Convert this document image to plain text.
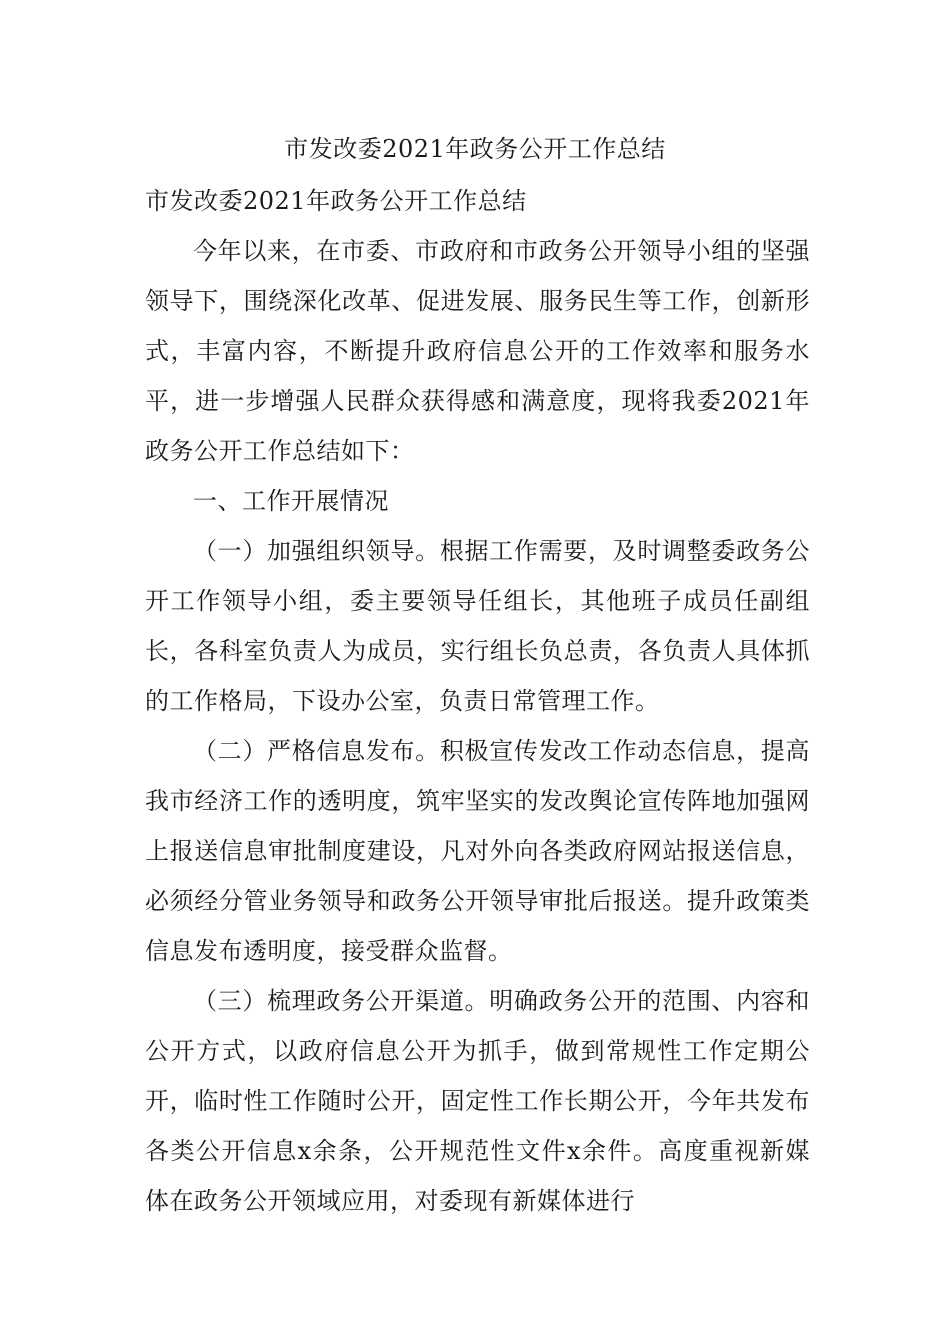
市发改委2021年政务公开工作总结

市发改委2021年政务公开工作总结

今年以来，在市委、市政府和市政务公开领导小组的坚强领导下，围绕深化改革、促进发展、服务民生等工作，创新形式，丰富内容，不断提升政府信息公开的工作效率和服务水平，进一步增强人民群众获得感和满意度，现将我委2021年政务公开工作总结如下：

一、工作开展情况

（一）加强组织领导。根据工作需要，及时调整委政务公开工作领导小组，委主要领导任组长，其他班子成员任副组长，各科室负责人为成员，实行组长负总责，各负责人具体抓的工作格局，下设办公室，负责日常管理工作。

（二）严格信息发布。积极宣传发改工作动态信息，提高我市经济工作的透明度，筑牢坚实的发改舆论宣传阵地加强网上报送信息审批制度建设，凡对外向各类政府网站报送信息，必须经分管业务领导和政务公开领导审批后报送。提升政策类信息发布透明度，接受群众监督。

（三）梳理政务公开渠道。明确政务公开的范围、内容和公开方式，以政府信息公开为抓手，做到常规性工作定期公开，临时性工作随时公开，固定性工作长期公开，今年共发布各类公开信息x余条，公开规范性文件x余件。高度重视新媒体在政务公开领域应用，对委现有新媒体进行
